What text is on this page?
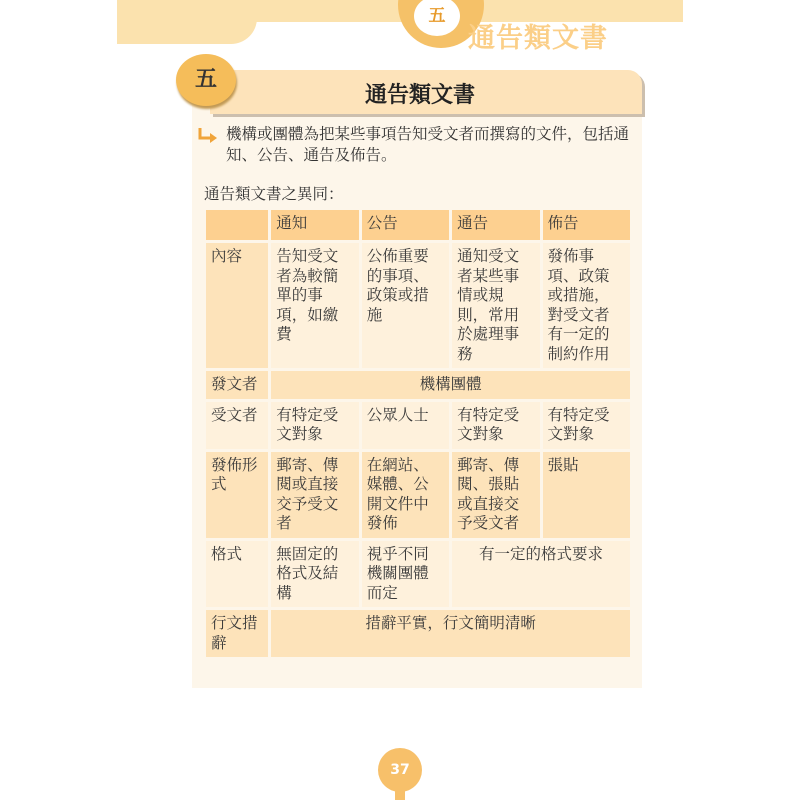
五
通告類文書
五
通告類文書
機構或團體為把某些事項告知受文者而撰寫的文件，包括通知、公告、通告及佈告。
通告類文書之異同：
	通知	公告	通告	佈告
內容	告知受文者為較簡單的事項，如繳費	公佈重要的事項、政策或措施	通知受文者某些事情或規則，常用於處理事務	發佈事項、政策或措施，對受文者有一定的制約作用
發文者	機構團體			
受文者	有特定受文對象	公眾人士	有特定受文對象	有特定受文對象
發佈形式	郵寄、傳閱或直接交予受文者	在網站、媒體、公開文件中發佈	郵寄、傳閱、張貼或直接交予受文者	張貼
格式	無固定的格式及結構	視乎不同機關團體而定	有一定的格式要求	
行文措辭	措辭平實，行文簡明清晰			
37
